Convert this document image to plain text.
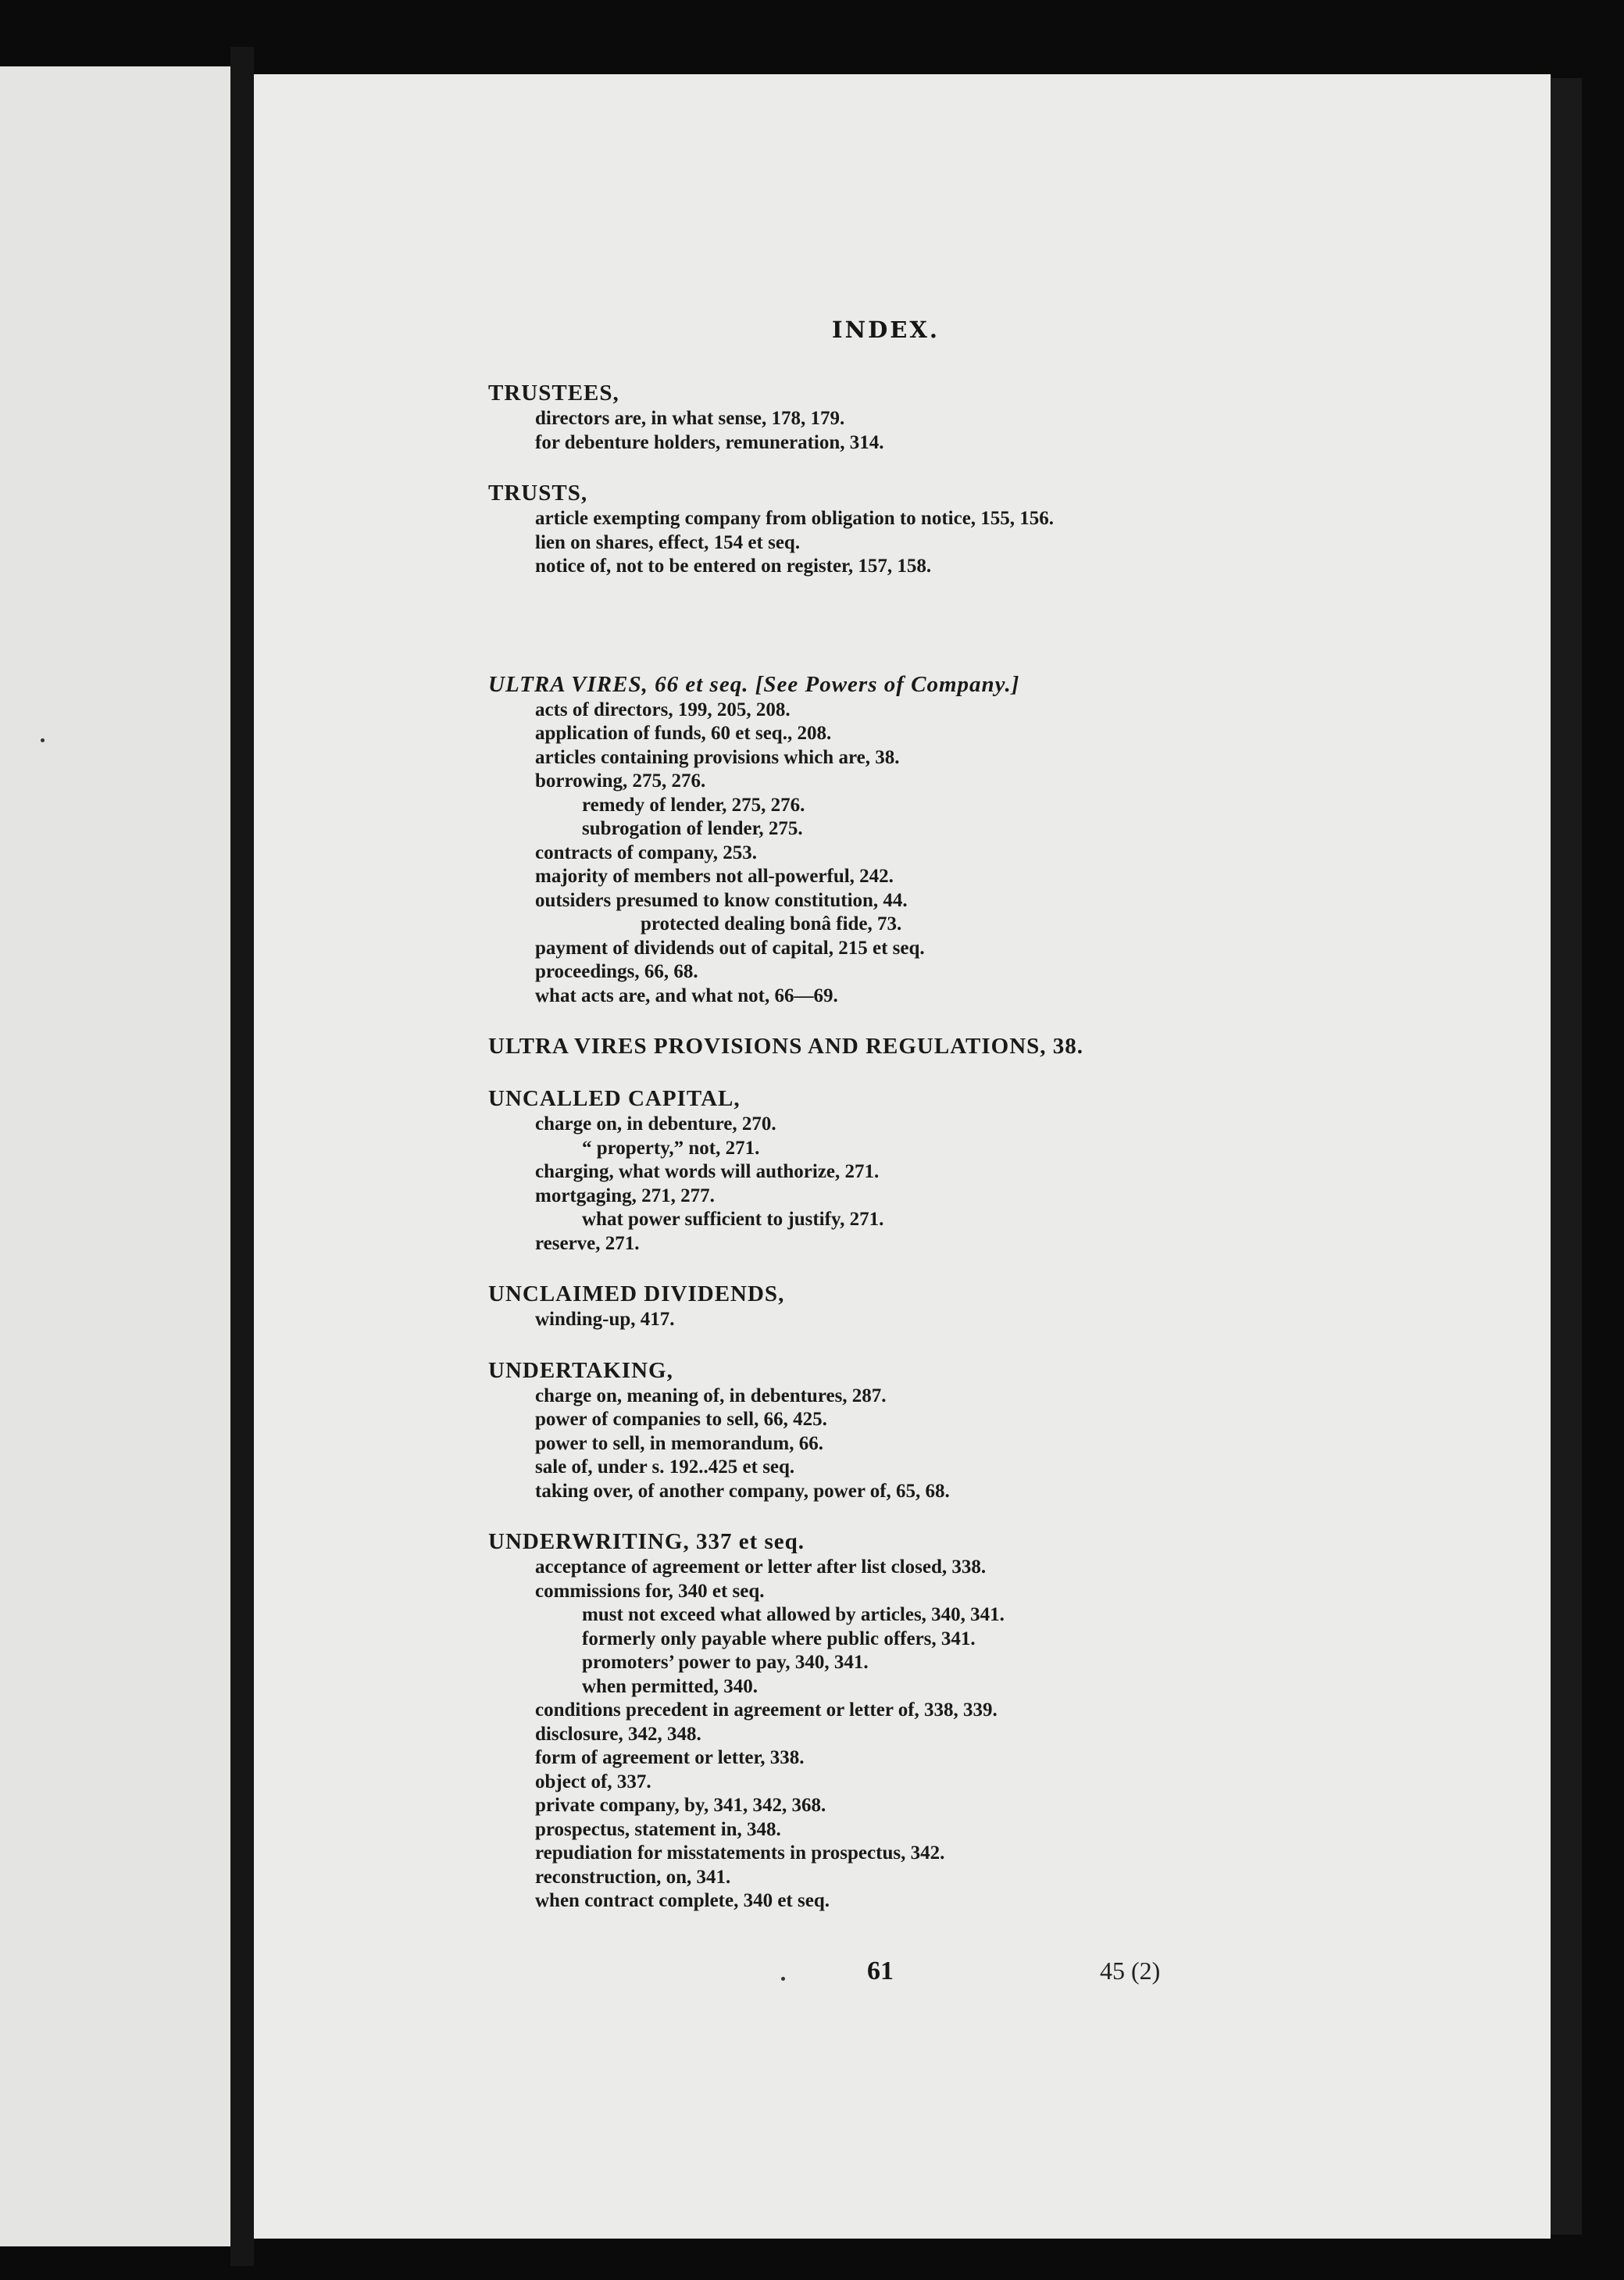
INDEX.
TRUSTEES,
directors are, in what sense, 178, 179.
for debenture holders, remuneration, 314.
TRUSTS,
article exempting company from obligation to notice, 155, 156.
lien on shares, effect, 154 et seq.
notice of, not to be entered on register, 157, 158.
ULTRA VIRES, 66 et seq. [See Powers of Company.]
acts of directors, 199, 205, 208.
application of funds, 60 et seq., 208.
articles containing provisions which are, 38.
borrowing, 275, 276.
remedy of lender, 275, 276.
subrogation of lender, 275.
contracts of company, 253.
majority of members not all-powerful, 242.
outsiders presumed to know constitution, 44.
protected dealing bonâ fide, 73.
payment of dividends out of capital, 215 et seq.
proceedings, 66, 68.
what acts are, and what not, 66—69.
ULTRA VIRES PROVISIONS AND REGULATIONS, 38.
UNCALLED CAPITAL,
charge on, in debenture, 270.
“ property,” not, 271.
charging, what words will authorize, 271.
mortgaging, 271, 277.
what power sufficient to justify, 271.
reserve, 271.
UNCLAIMED DIVIDENDS,
winding-up, 417.
UNDERTAKING,
charge on, meaning of, in debentures, 287.
power of companies to sell, 66, 425.
power to sell, in memorandum, 66.
sale of, under s. 192..425 et seq.
taking over, of another company, power of, 65, 68.
UNDERWRITING, 337 et seq.
acceptance of agreement or letter after list closed, 338.
commissions for, 340 et seq.
must not exceed what allowed by articles, 340, 341.
formerly only payable where public offers, 341.
promoters’ power to pay, 340, 341.
when permitted, 340.
conditions precedent in agreement or letter of, 338, 339.
disclosure, 342, 348.
form of agreement or letter, 338.
object of, 337.
private company, by, 341, 342, 368.
prospectus, statement in, 348.
repudiation for misstatements in prospectus, 342.
reconstruction, on, 341.
when contract complete, 340 et seq.
61	45 (2)
